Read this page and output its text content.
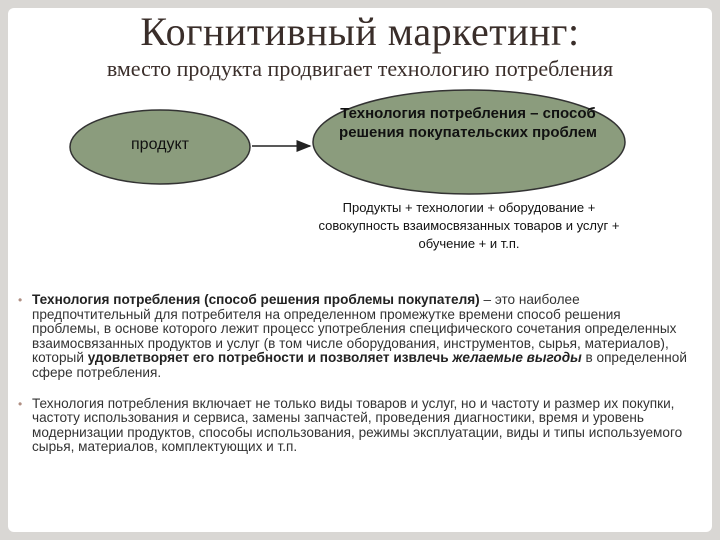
Когнитивный маркетинг:
вместо продукта продвигает технологию потребления
продукт
Технология потребления – способ решения покупательских проблем
Продукты + технологии + оборудование + совокупность взаимосвязанных товаров и услуг + обучение + и т.п.
• Технология потребления (способ решения проблемы покупателя) – это наиболее предпочтительный для потребителя на определенном промежутке времени способ решения проблемы, в основе которого лежит процесс употребления специфического сочетания определенных взаимосвязанных продуктов и услуг (в том числе оборудования, инструментов, сырья, материалов), который удовлетворяет его потребности и позволяет извлечь желаемые выгоды в определенной сфере потребления.
• Технология потребления включает не только виды товаров и услуг, но и частоту и размер их покупки, частоту использования и сервиса, замены запчастей, проведения диагностики, время и уровень модернизации продуктов, способы использования, режимы эксплуатации, виды и типы используемого сырья, материалов, комплектующих и т.п.
